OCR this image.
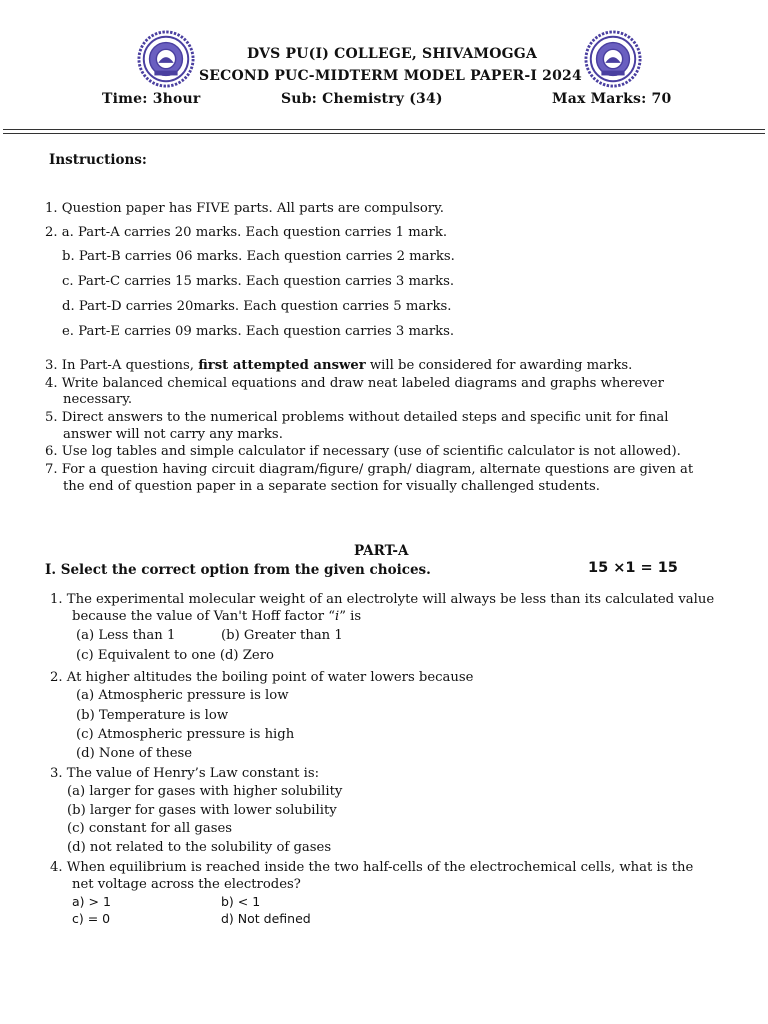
DVS PU(I) COLLEGE, SHIVAMOGGA
SECOND PUC-MIDTERM MODEL PAPER-I 2024
Time: 3hour	Sub: Chemistry (34)	Max Marks: 70
Instructions:
1. Question paper has FIVE parts. All parts are compulsory.
2. a. Part-A carries 20 marks. Each question carries 1 mark.
b. Part-B carries 06 marks. Each question carries 2 marks.
c. Part-C carries 15 marks. Each question carries 3 marks.
d. Part-D carries 20marks. Each question carries 5 marks.
e. Part-E carries 09 marks. Each question carries 3 marks.
3. In Part-A questions, first attempted answer will be considered for awarding marks.
4. Write balanced chemical equations and draw neat labeled diagrams and graphs wherever
necessary.
5. Direct answers to the numerical problems without detailed steps and specific unit for final
answer will not carry any marks.
6. Use log tables and simple calculator if necessary (use of scientific calculator is not allowed).
7. For a question having circuit diagram/figure/ graph/ diagram, alternate questions are given at
the end of question paper in a separate section for visually challenged students.
PART-A
I. Select the correct option from the given choices.	15 ×1 = 15
1. The experimental molecular weight of an electrolyte will always be less than its calculated value
because the value of Van't Hoff factor “i” is
(a) Less than 1	(b) Greater than 1
(c) Equivalent to one (d) Zero
2. At higher altitudes the boiling point of water lowers because
(a) Atmospheric pressure is low
(b) Temperature is low
(c) Atmospheric pressure is high
(d) None of these
3. The value of Henry’s Law constant is:
(a) larger for gases with higher solubility
(b) larger for gases with lower solubility
(c) constant for all gases
(d) not related to the solubility of gases
4. When equilibrium is reached inside the two half-cells of the electrochemical cells, what is the
net voltage across the electrodes?
a) > 1	b) < 1
c) = 0	d) Not defined
